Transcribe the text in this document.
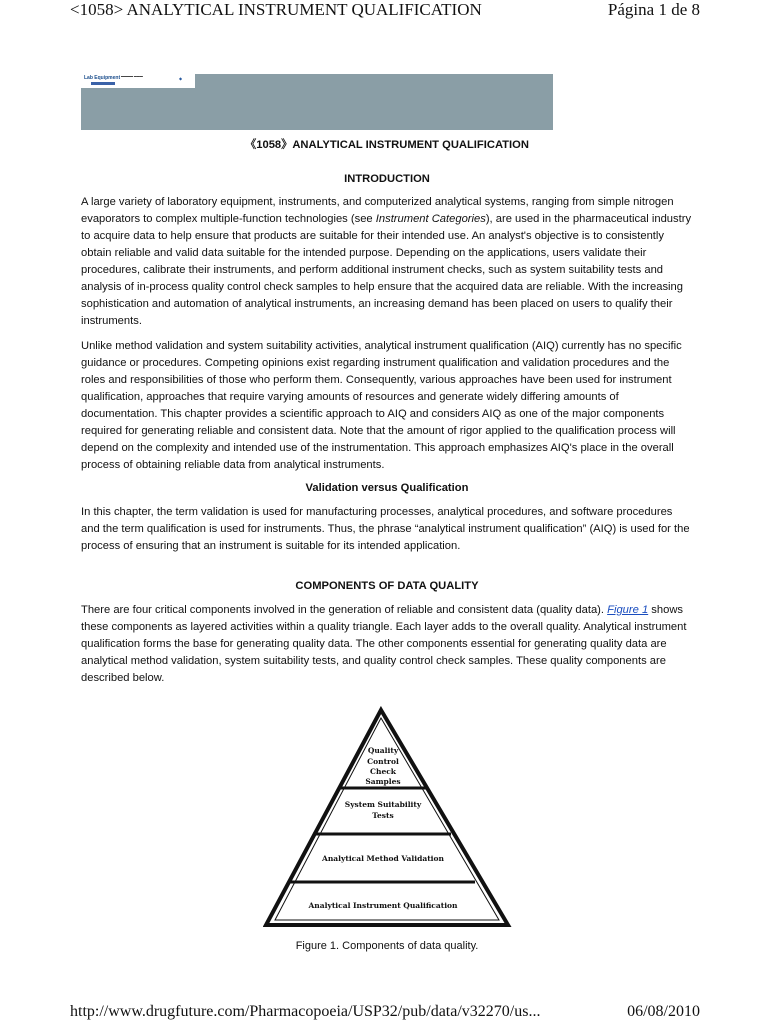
<1058> ANALYTICAL INSTRUMENT QUALIFICATION	Página 1 de 8
Lab Equipment ▬▬▬▬ ▬▬▬	◆
《1058》ANALYTICAL INSTRUMENT QUALIFICATION
INTRODUCTION

A large variety of laboratory equipment, instruments, and computerized analytical systems, ranging from simple nitrogen evaporators to complex multiple-function technologies (see Instrument Categories), are used in the pharmaceutical industry to acquire data to help ensure that products are suitable for their intended use. An analyst's objective is to consistently obtain reliable and valid data suitable for the intended purpose. Depending on the applications, users validate their procedures, calibrate their instruments, and perform additional instrument checks, such as system suitability tests and analysis of in-process quality control check samples to help ensure that the acquired data are reliable. With the increasing sophistication and automation of analytical instruments, an increasing demand has been placed on users to qualify their instruments.

Unlike method validation and system suitability activities, analytical instrument qualification (AIQ) currently has no specific guidance or procedures. Competing opinions exist regarding instrument qualification and validation procedures and the roles and responsibilities of those who perform them. Consequently, various approaches have been used for instrument qualification, approaches that require varying amounts of resources and generate widely differing amounts of documentation. This chapter provides a scientific approach to AIQ and considers AIQ as one of the major components required for generating reliable and consistent data. Note that the amount of rigor applied to the qualification process will depend on the complexity and intended use of the instrumentation. This approach emphasizes AIQ's place in the overall process of obtaining reliable data from analytical instruments.

Validation versus Qualification

In this chapter, the term validation is used for manufacturing processes, analytical procedures, and software procedures and the term qualification is used for instruments. Thus, the phrase “analytical instrument qualification” (AIQ) is used for the process of ensuring that an instrument is suitable for its intended application.

COMPONENTS OF DATA QUALITY

There are four critical components involved in the generation of reliable and consistent data (quality data). Figure 1 shows these components as layered activities within a quality triangle. Each layer adds to the overall quality. Analytical instrument qualification forms the base for generating quality data. The other components essential for generating quality data are analytical method validation, system suitability tests, and quality control check samples. These quality components are described below.

Quality
Control
Check
Samples
System Suitability
Tests
Analytical Method Validation
Analytical Instrument Qualification
Figure 1. Components of data quality.
http://www.drugfuture.com/Pharmacopoeia/USP32/pub/data/v32270/us...	06/08/2010
